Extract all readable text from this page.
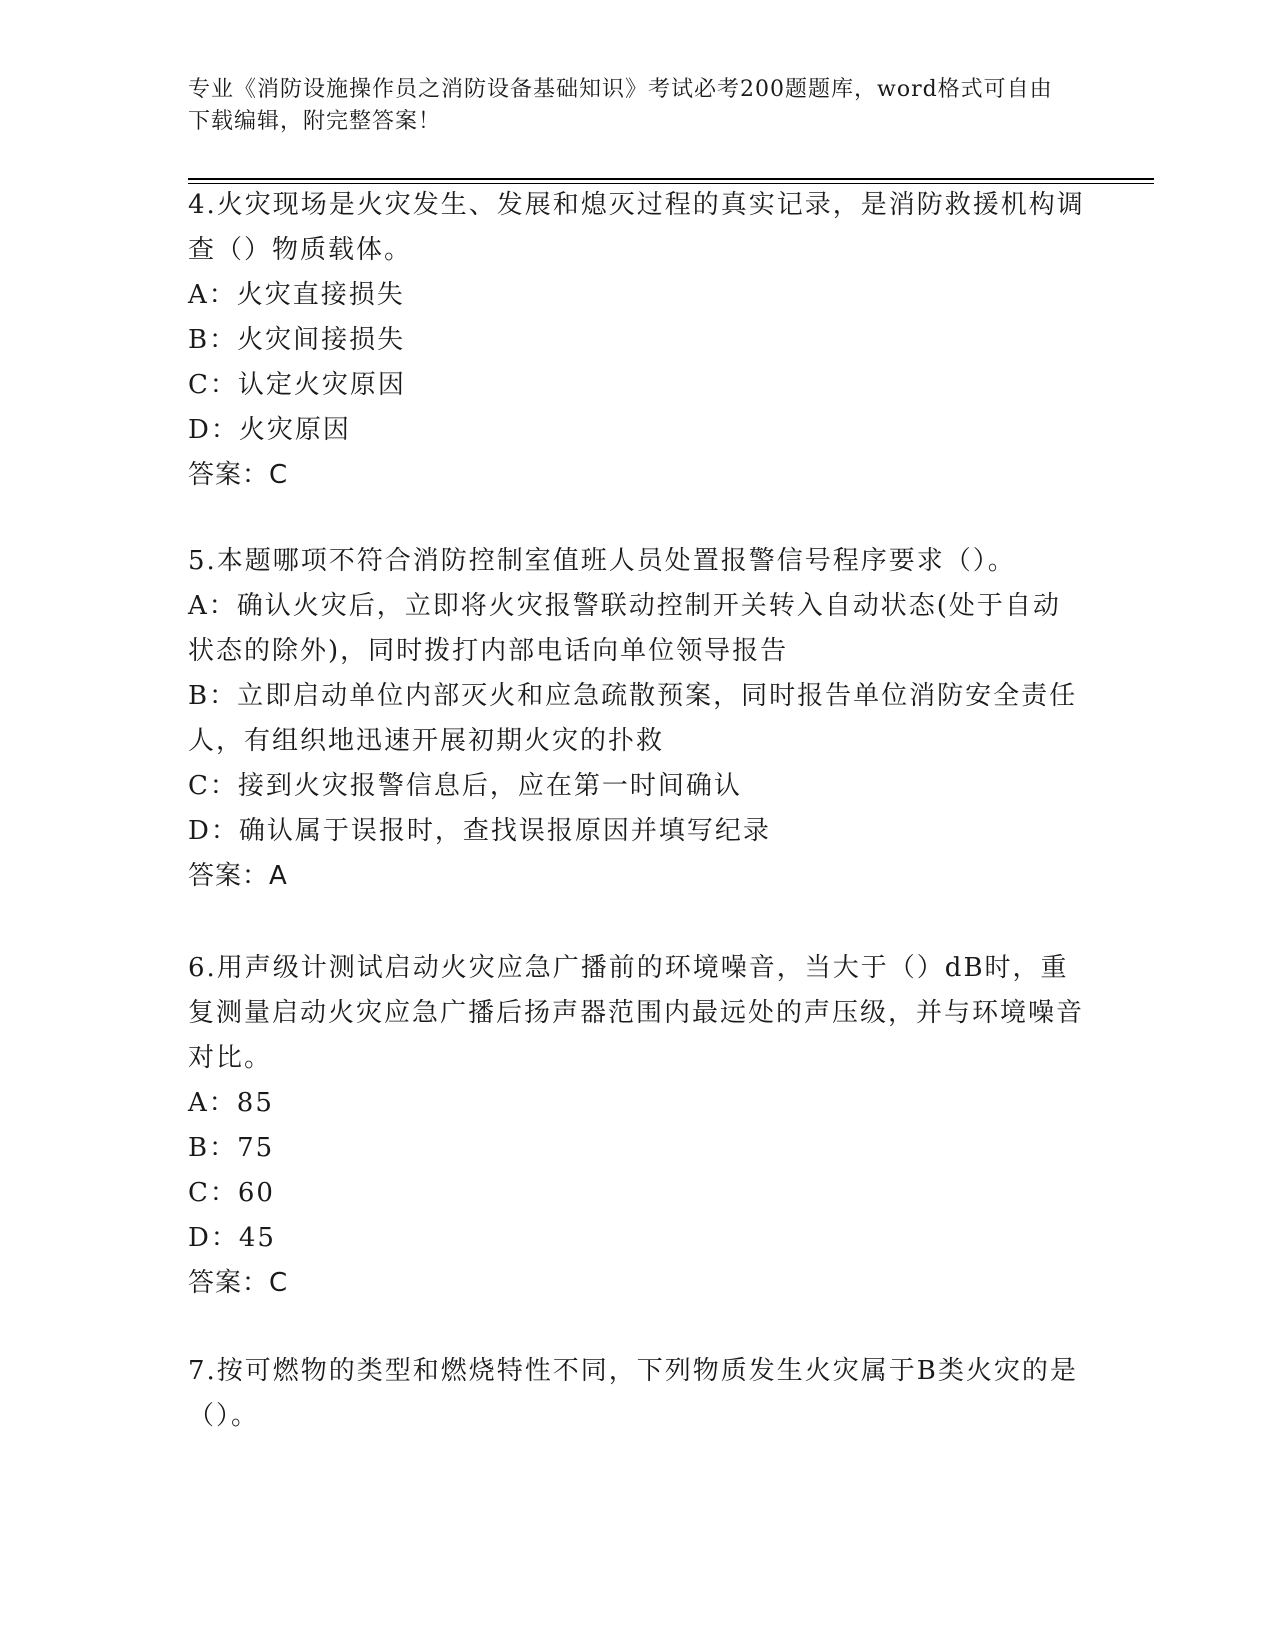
专业《消防设施操作员之消防设备基础知识》考试必考200题题库，word格式可自由下载编辑，附完整答案！
4.火灾现场是火灾发生、发展和熄灭过程的真实记录，是消防救援机构调查（）物质载体。
A：火灾直接损失
B：火灾间接损失
C：认定火灾原因
D：火灾原因
答案：C
5.本题哪项不符合消防控制室值班人员处置报警信号程序要求（）。
A：确认火灾后，立即将火灾报警联动控制开关转入自动状态(处于自动状态的除外)，同时拨打内部电话向单位领导报告
B：立即启动单位内部灭火和应急疏散预案，同时报告单位消防安全责任人，有组织地迅速开展初期火灾的扑救
C：接到火灾报警信息后，应在第一时间确认
D：确认属于误报时，查找误报原因并填写纪录
答案：A
6.用声级计测试启动火灾应急广播前的环境噪音，当大于（）dB时，重复测量启动火灾应急广播后扬声器范围内最远处的声压级，并与环境噪音对比。
A：85
B：75
C：60
D：45
答案：C
7.按可燃物的类型和燃烧特性不同，下列物质发生火灾属于B类火灾的是（）。
